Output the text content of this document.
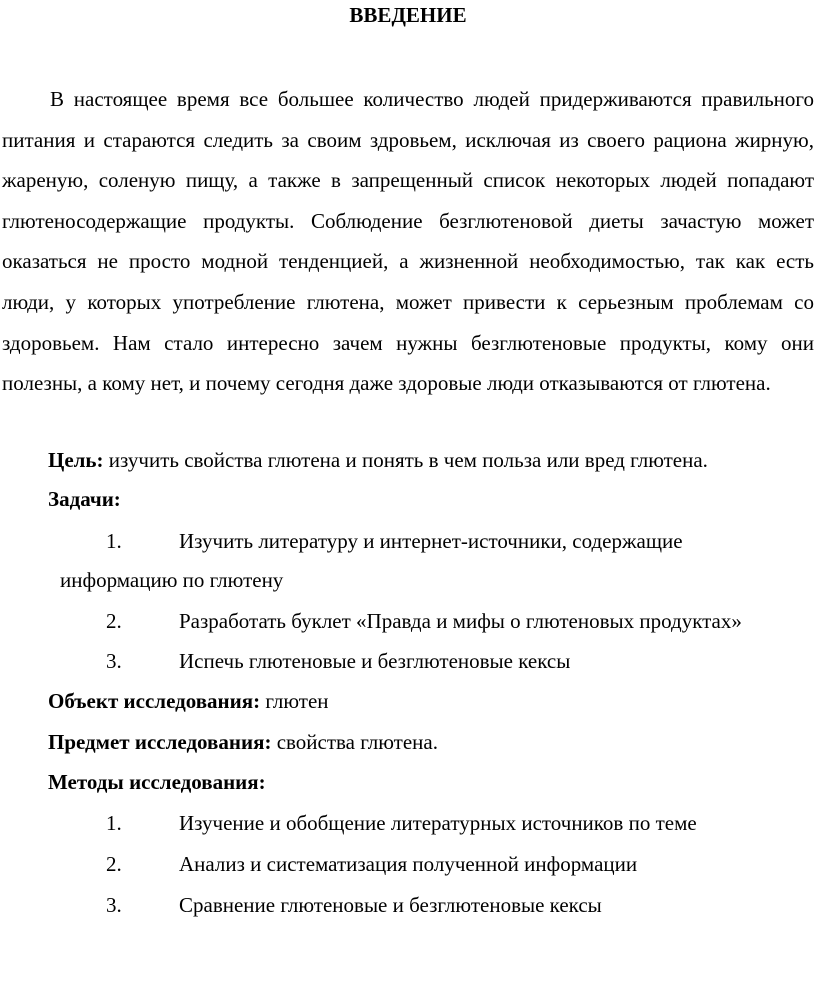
ВВЕДЕНИЕ

В настоящее время все большее количество людей придерживаются правильного питания и стараются следить за своим здровьем, исключая из своего рациона жирную, жареную, соленую пищу, а также в запрещенный список некоторых людей попадают глютеносодержащие продукты. Соблюдение безглютеновой диеты зачастую может оказаться не просто модной тенденцией, а жизненной необходимостью, так как есть люди, у которых употребление глютена, может привести к серьезным проблемам со здоровьем. Нам стало интересно зачем нужны безглютеновые продукты, кому они полезны, а кому нет, и почему сегодня даже здоровые люди отказываются от глютена.

Цель: изучить свойства глютена и понять в чем польза или вред глютена.
Задачи:
1.	Изучить литературу и интернет-источники, содержащие
информацию по глютену
2.	Разработать буклет «Правда и мифы о глютеновых продуктах»
3.	Испечь глютеновые и безглютеновые кексы
Объект исследования: глютен
Предмет исследования: свойства глютена.
Методы исследования:
1.	Изучение и обобщение литературных источников по теме
2.	Анализ и систематизация полученной информации
3.	Сравнение глютеновые и безглютеновые кексы
